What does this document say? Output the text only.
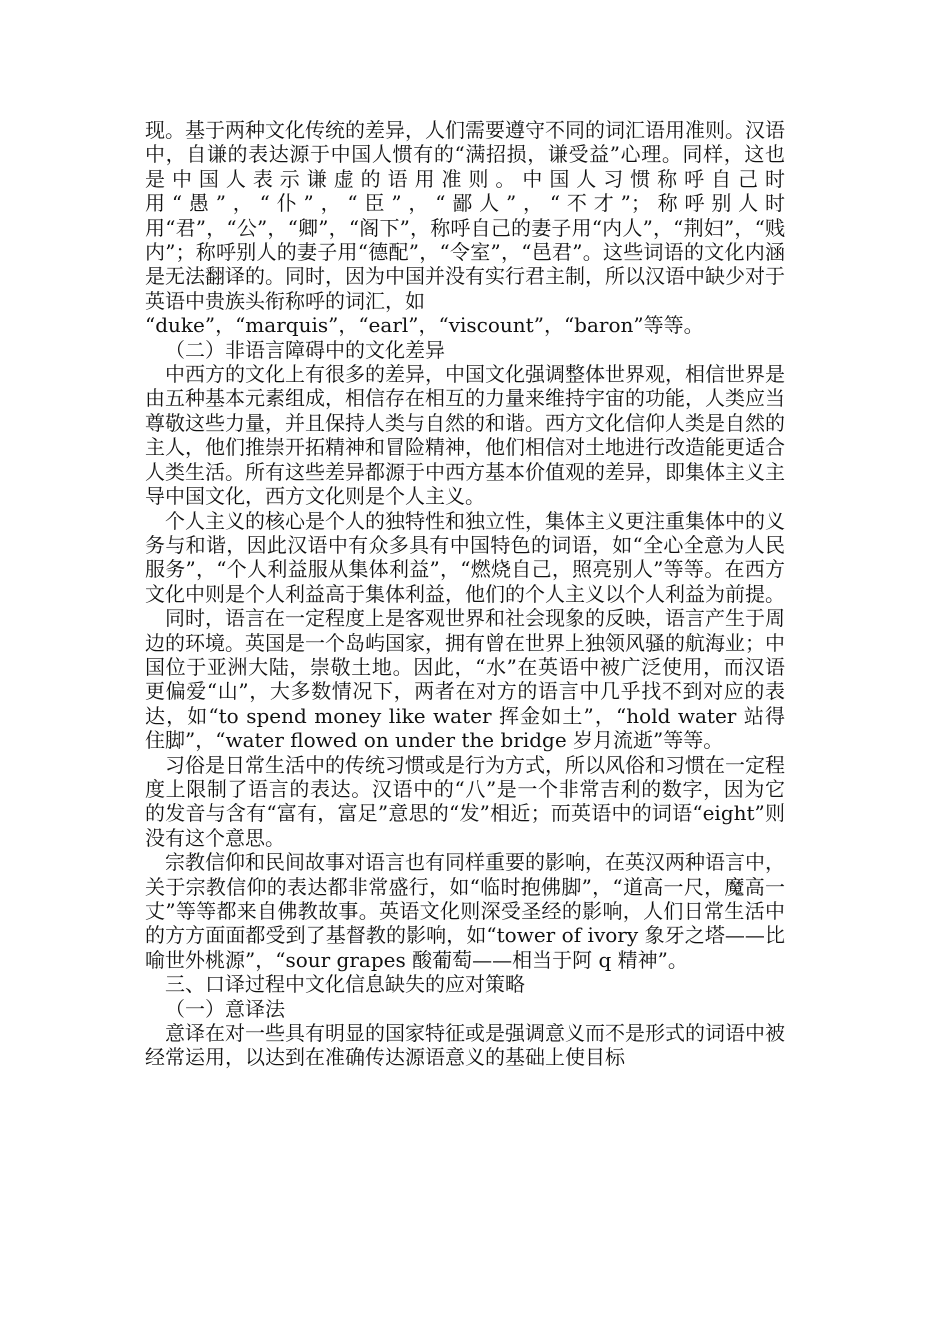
现。基于两种文化传统的差异，人们需要遵守不同的词汇语用准则。汉语中，自谦的表达源于中国人惯有的“满招损，谦受益”心理。同样，这也是中国人表示谦虚的语用准则。中国人习惯称呼自己时用“愚”，“仆”，“臣”，“鄙人”，“不才”；称呼别人时用“君”，“公”，“卿”，“阁下”，称呼自己的妻子用“内人”，“荆妇”，“贱内”；称呼别人的妻子用“德配”，“令室”，“邑君”。这些词语的文化内涵是无法翻译的。同时，因为中国并没有实行君主制，所以汉语中缺少对于英语中贵族头衔称呼的词汇，如

“duke”，“marquis”，“earl”，“viscount”，“baron”等等。

（二）非语言障碍中的文化差异

中西方的文化上有很多的差异，中国文化强调整体世界观，相信世界是由五种基本元素组成，相信存在相互的力量来维持宇宙的功能，人类应当尊敬这些力量，并且保持人类与自然的和谐。西方文化信仰人类是自然的主人，他们推崇开拓精神和冒险精神，他们相信对土地进行改造能更适合人类生活。所有这些差异都源于中西方基本价值观的差异，即集体主义主导中国文化，西方文化则是个人主义。

个人主义的核心是个人的独特性和独立性，集体主义更注重集体中的义务与和谐，因此汉语中有众多具有中国特色的词语，如“全心全意为人民服务”，“个人利益服从集体利益”，“燃烧自己，照亮别人”等等。在西方文化中则是个人利益高于集体利益，他们的个人主义以个人利益为前提。

同时，语言在一定程度上是客观世界和社会现象的反映，语言产生于周边的环境。英国是一个岛屿国家，拥有曾在世界上独领风骚的航海业；中国位于亚洲大陆，崇敬土地。因此，“水”在英语中被广泛使用，而汉语更偏爱“山”，大多数情况下，两者在对方的语言中几乎找不到对应的表达，如“to spend money like water 挥金如土”，“hold water 站得住脚”，“water flowed on under the bridge 岁月流逝”等等。

习俗是日常生活中的传统习惯或是行为方式，所以风俗和习惯在一定程度上限制了语言的表达。汉语中的“八”是一个非常吉利的数字，因为它的发音与含有“富有，富足”意思的“发”相近；而英语中的词语“eight”则没有这个意思。

宗教信仰和民间故事对语言也有同样重要的影响，在英汉两种语言中，关于宗教信仰的表达都非常盛行，如“临时抱佛脚”，“道高一尺，魔高一丈”等等都来自佛教故事。英语文化则深受圣经的影响，人们日常生活中的方方面面都受到了基督教的影响，如“tower of ivory 象牙之塔——比喻世外桃源”，“sour grapes 酸葡萄——相当于阿 q 精神”。

三、口译过程中文化信息缺失的应对策略

（一）意译法

意译在对一些具有明显的国家特征或是强调意义而不是形式的词语中被经常运用，以达到在准确传达源语意义的基础上使目标
